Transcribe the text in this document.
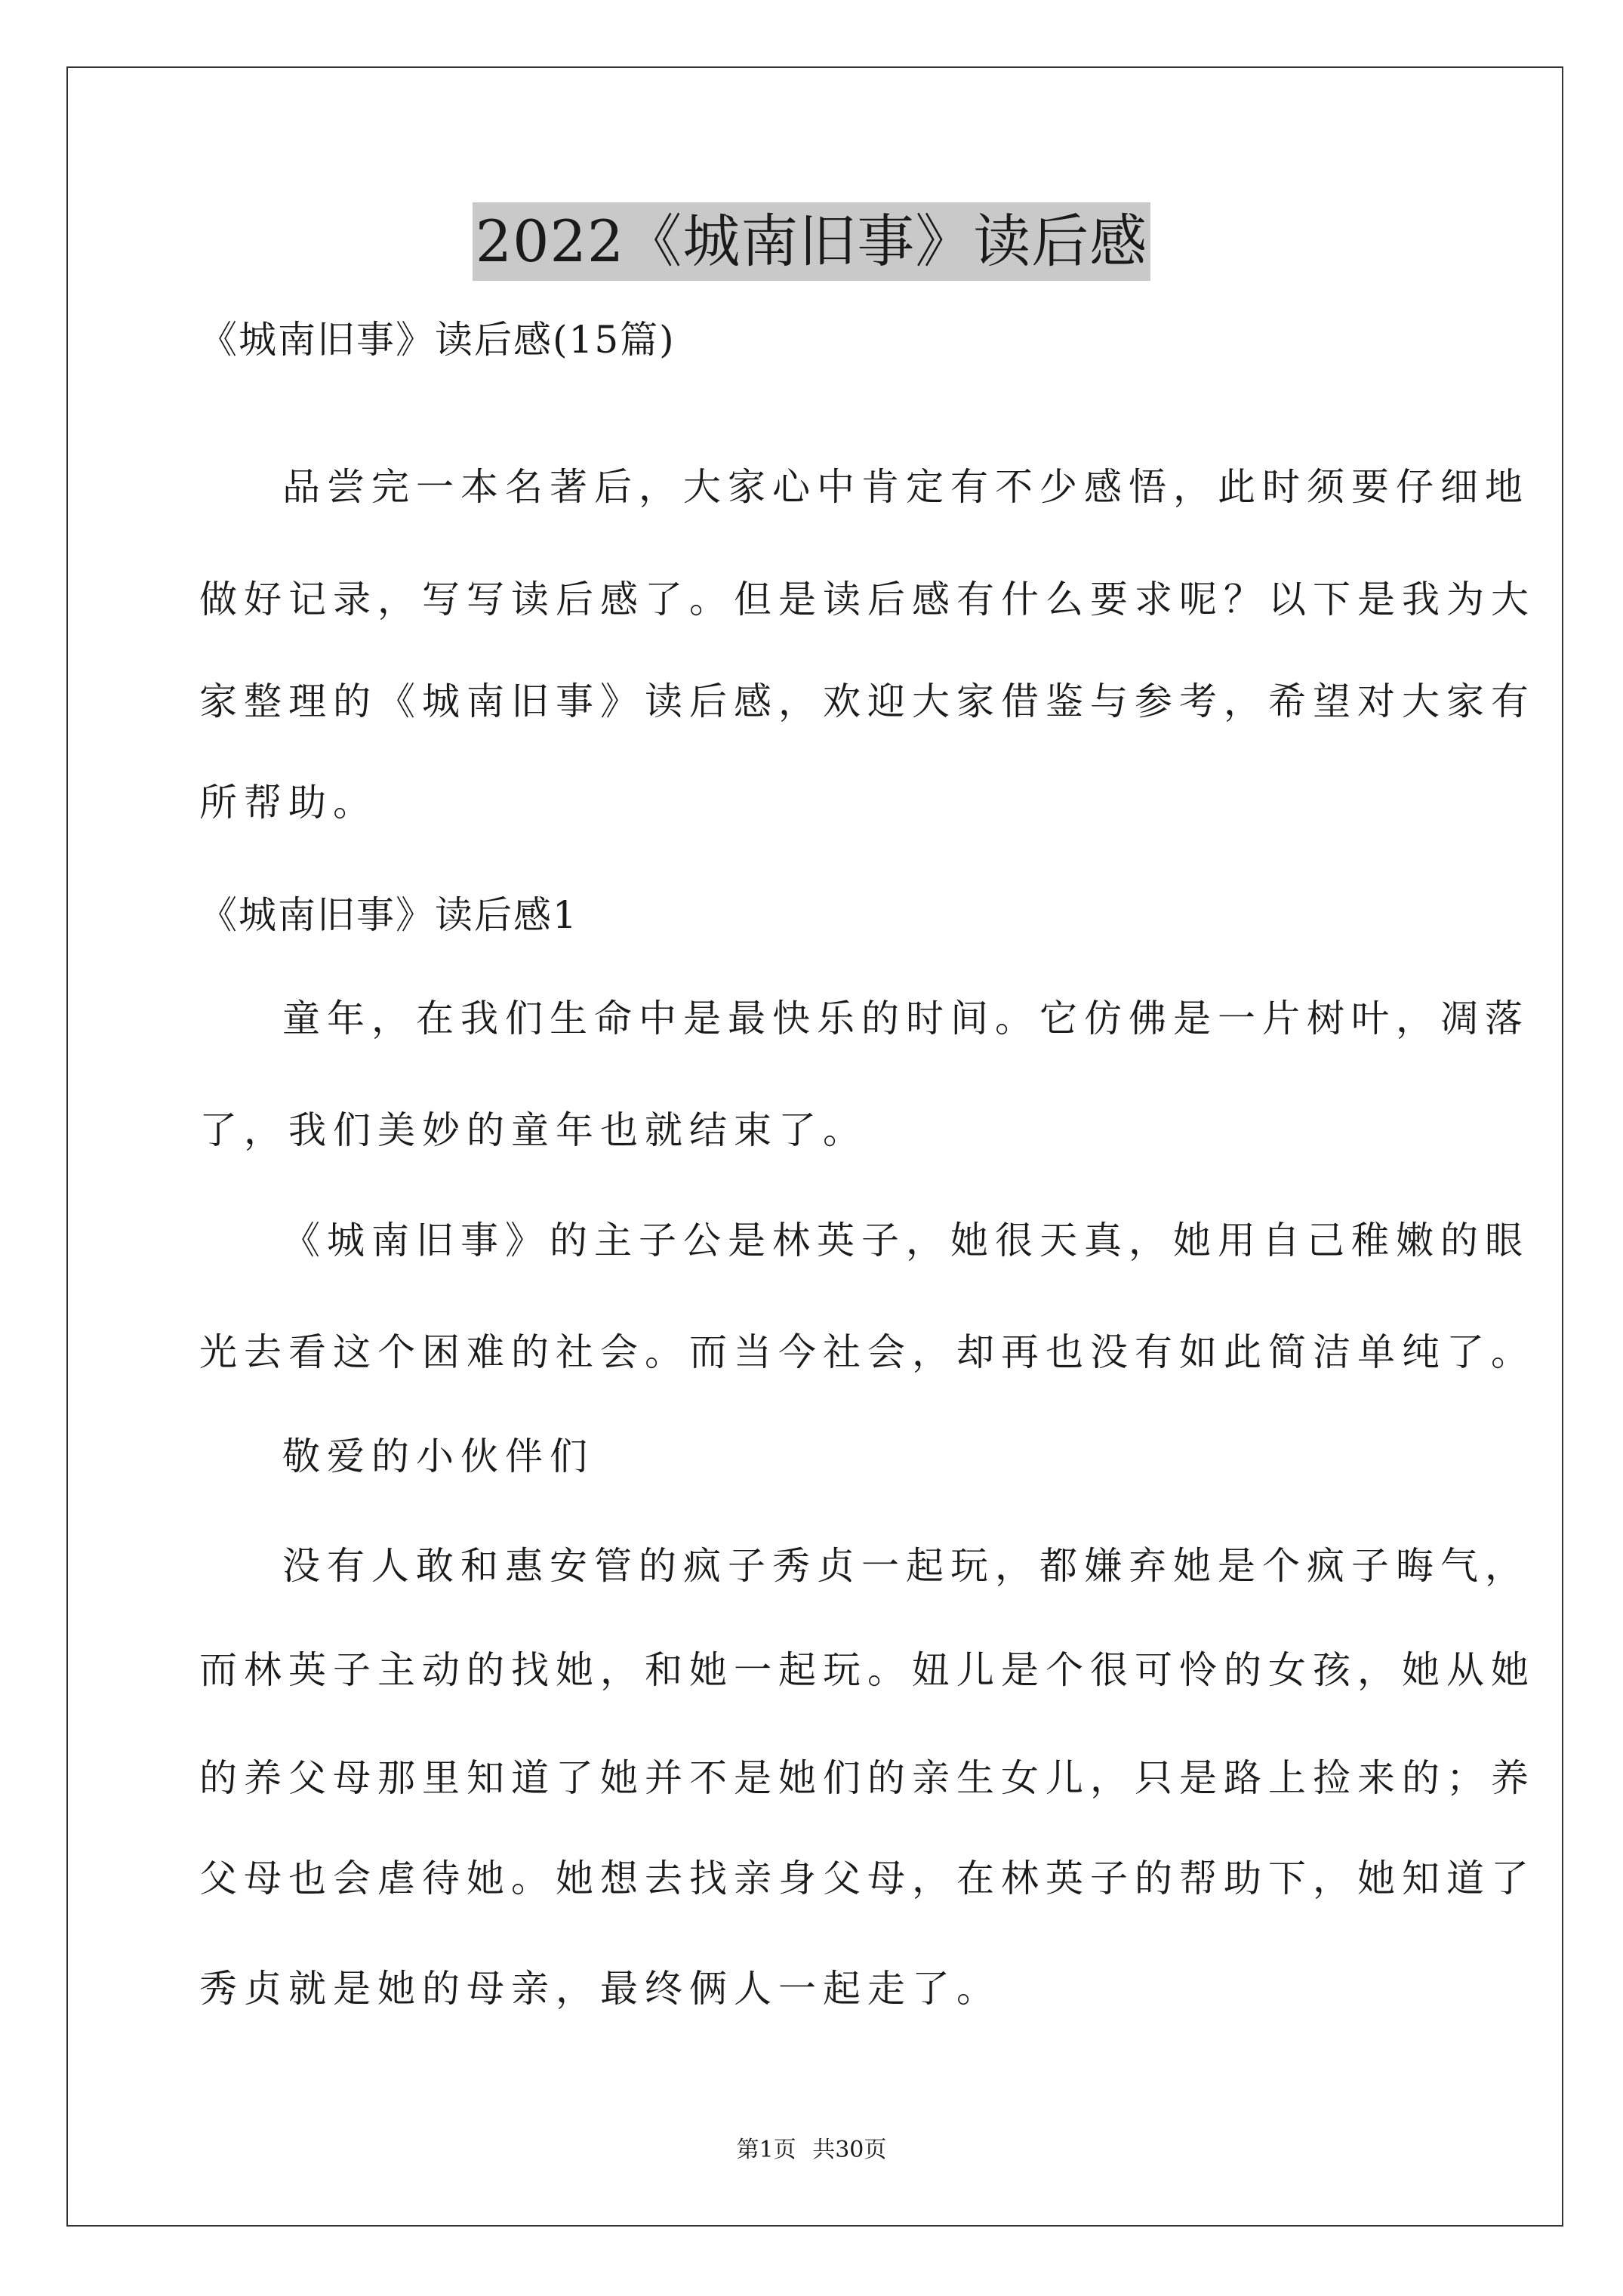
2022《城南旧事》读后感
《城南旧事》读后感(15篇)
品尝完一本名著后，大家心中肯定有不少感悟，此时须要仔细地
做好记录，写写读后感了。但是读后感有什么要求呢？以下是我为大
家整理的《城南旧事》读后感，欢迎大家借鉴与参考，希望对大家有
所帮助。
《城南旧事》读后感1
童年，在我们生命中是最快乐的时间。它仿佛是一片树叶，凋落
了，我们美妙的童年也就结束了。
《城南旧事》的主子公是林英子，她很天真，她用自己稚嫩的眼
光去看这个困难的社会。而当今社会，却再也没有如此简洁单纯了。
敬爱的小伙伴们
没有人敢和惠安管的疯子秀贞一起玩，都嫌弃她是个疯子晦气，
而林英子主动的找她，和她一起玩。妞儿是个很可怜的女孩，她从她
的养父母那里知道了她并不是她们的亲生女儿，只是路上捡来的；养
父母也会虐待她。她想去找亲身父母，在林英子的帮助下，她知道了
秀贞就是她的母亲，最终俩人一起走了。
第1页 共30页
